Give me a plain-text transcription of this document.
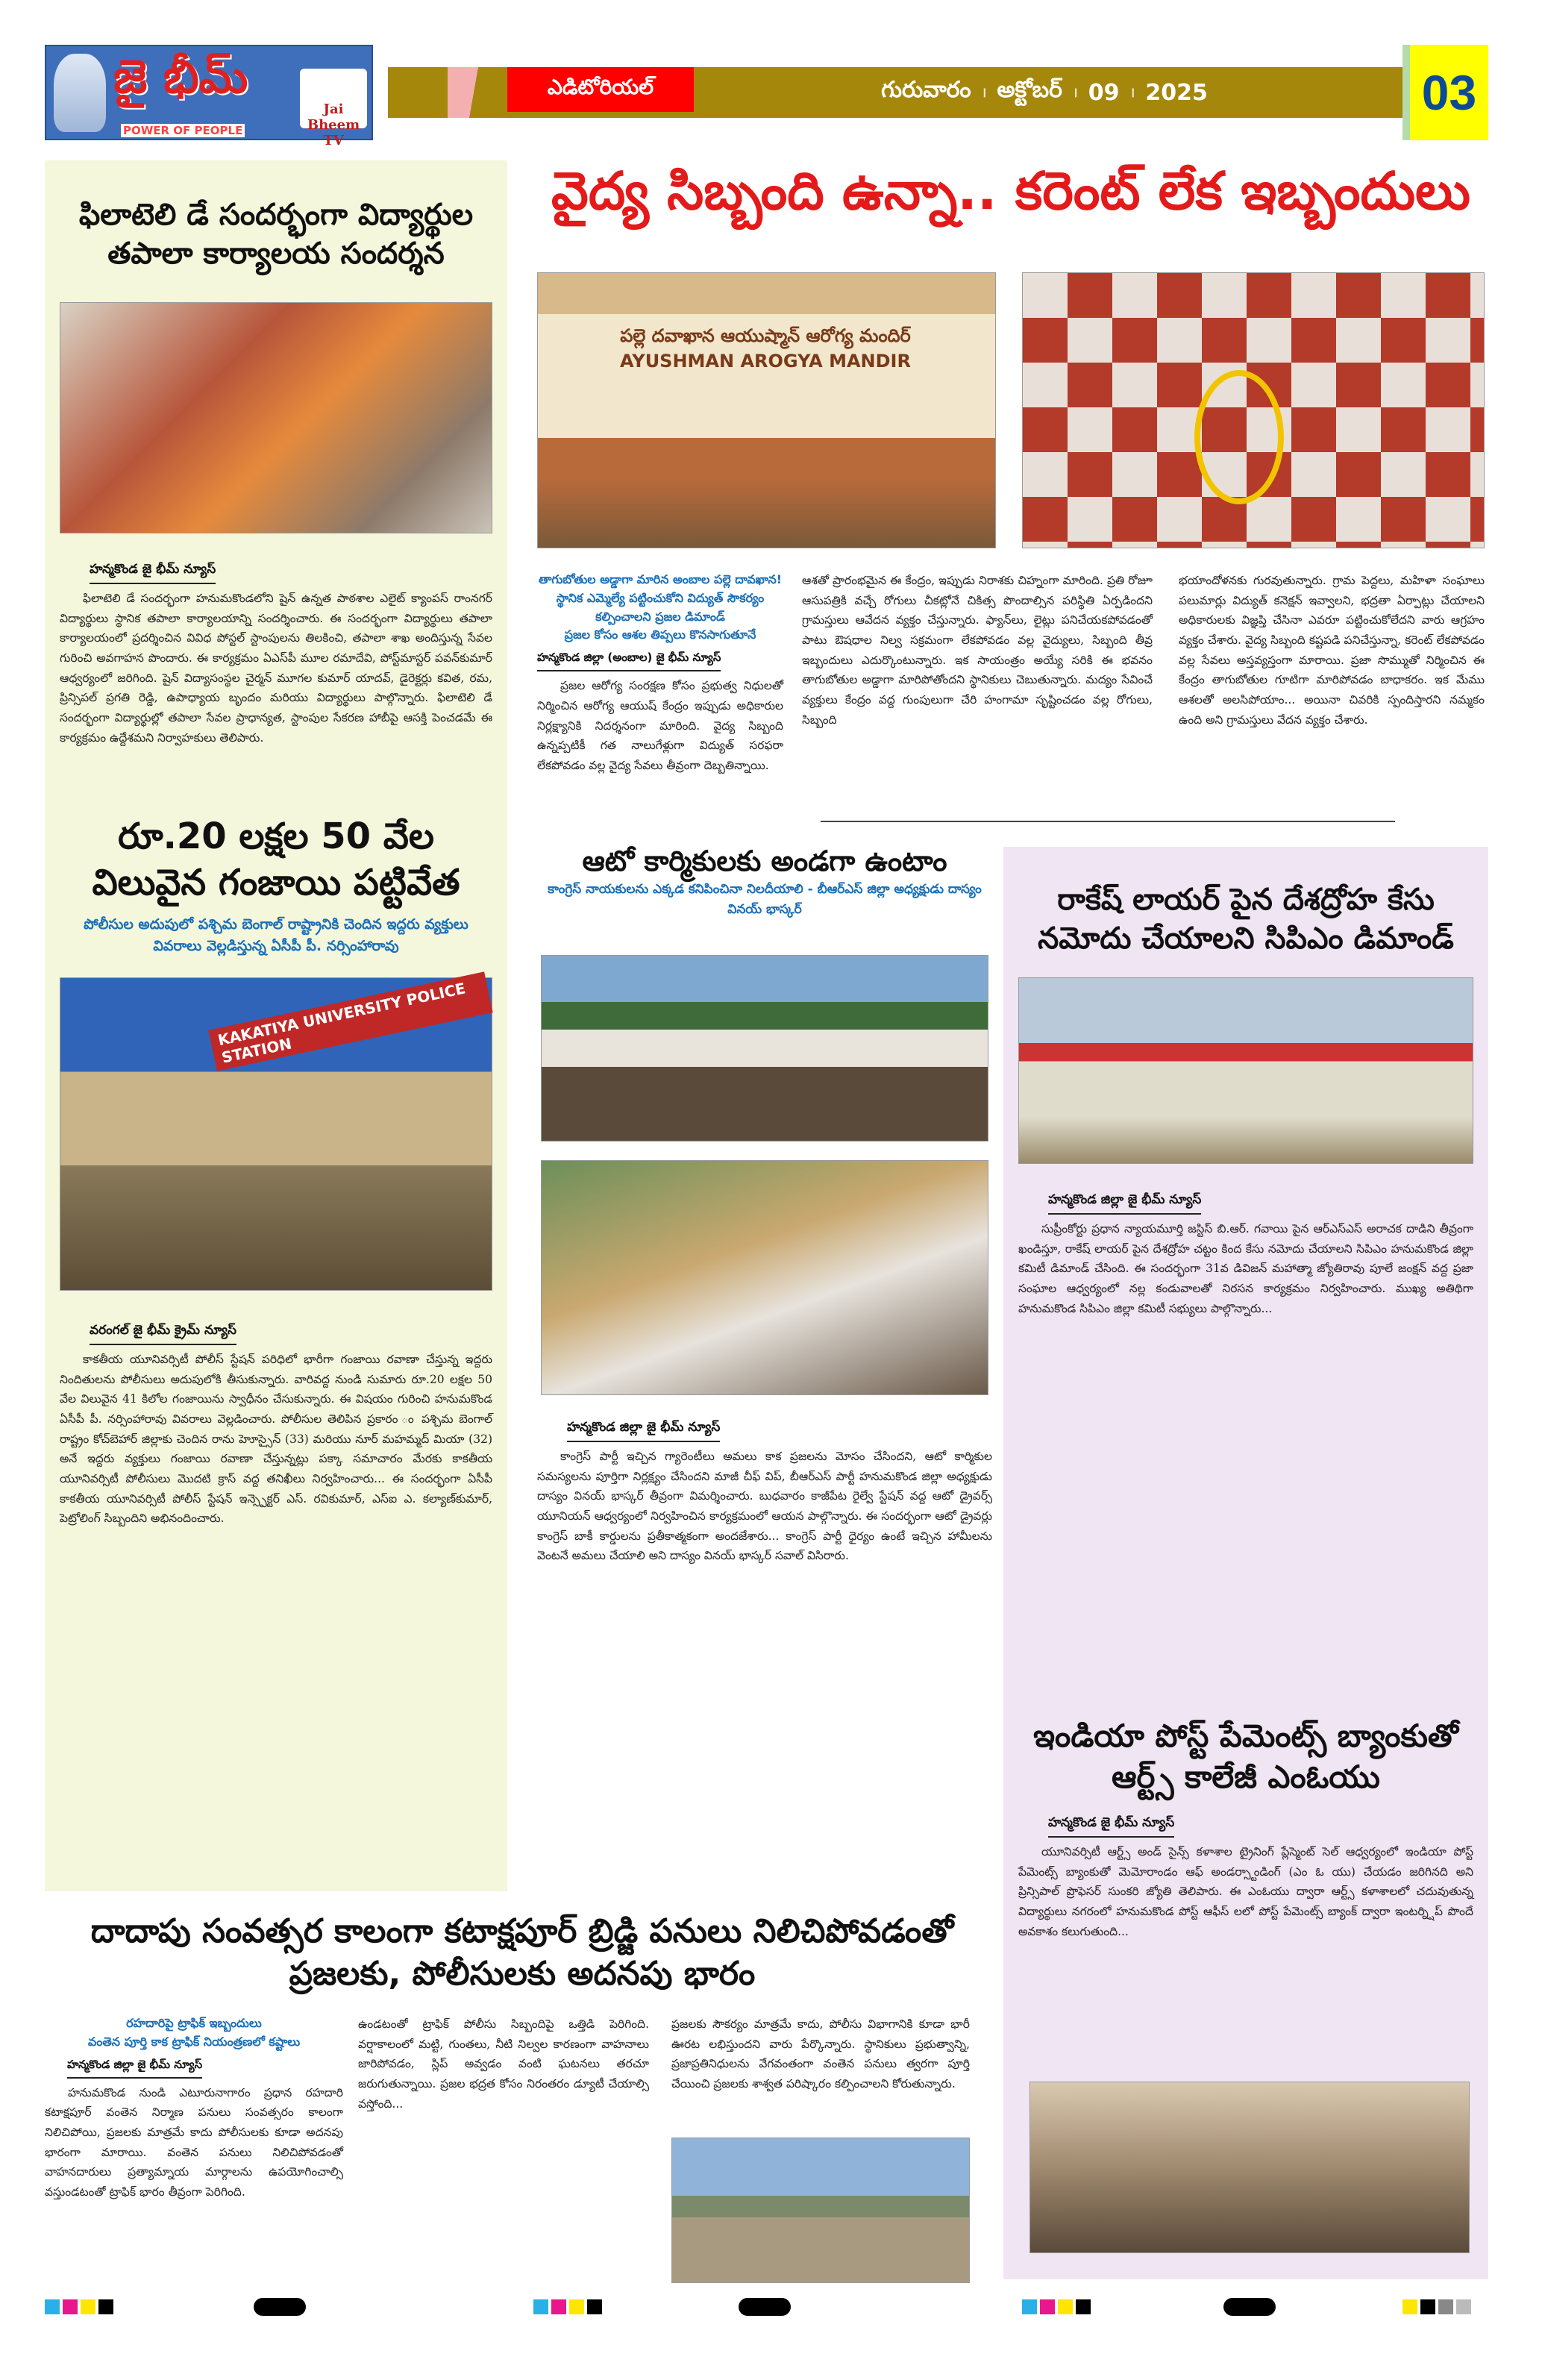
జై భీమ్
POWER OF PEOPLE
Jai Bheem TV
ఎడిటోరియల్	గురువారం । అక్టోబర్ । 09 । 2025	03
ఫిలాటెలి డే సందర్భంగా విద్యార్థుల తపాలా కార్యాలయ సందర్శన
హన్మకొండ జై భీమ్ న్యూస్
ఫిలాటెలి డే సందర్భంగా హనుమకొండలోని షైన్ ఉన్నత పాఠశాల ఎలైట్ క్యాంపస్ రాంనగర్ విద్యార్థులు స్థానిక తపాలా కార్యాలయాన్ని సందర్శించారు. ఈ సందర్భంగా విద్యార్థులు తపాలా కార్యాలయంలో ప్రదర్శించిన వివిధ పోస్టల్ స్టాంపులను తిలకించి, తపాలా శాఖ అందిస్తున్న సేవల గురించి అవగాహన పొందారు. ఈ కార్యక్రమం ఏఎస్‌పీ మూల రమాదేవి, పోస్ట్‌మాస్టర్ పవన్‌కుమార్ ఆధ్వర్యంలో జరిగింది. షైన్ విద్యాసంస్థల చైర్మన్ మూగల కుమార్ యాదవ్, డైరెక్టర్లు కవిత, రమ, ప్రిన్సిపల్ ప్రగతి రెడ్డి, ఉపాధ్యాయ బృందం మరియు విద్యార్థులు పాల్గొన్నారు. ఫిలాటెలి డే సందర్భంగా విద్యార్థుల్లో తపాలా సేవల ప్రాధాన్యత, స్టాంపుల సేకరణ హాబీపై ఆసక్తి పెంచడమే ఈ కార్యక్రమం ఉద్దేశమని నిర్వాహకులు తెలిపారు.
రూ.20 లక్షల 50 వేల విలువైన గంజాయి పట్టివేత
పోలీసుల అదుపులో పశ్చిమ బెంగాల్ రాష్ట్రానికి చెందిన ఇద్దరు వ్యక్తులు వివరాలు వెల్లడిస్తున్న ఏసీపీ పీ. నర్సింహారావు
KAKATIYA UNIVERSITY POLICE STATION
వరంగల్ జై భీమ్ క్రైమ్ న్యూస్
కాకతీయ యూనివర్సిటీ పోలీస్ స్టేషన్ పరిధిలో భారీగా గంజాయి రవాణా చేస్తున్న ఇద్దరు నిందితులను పోలీసులు అదుపులోకి తీసుకున్నారు. వారివద్ద నుండి సుమారు రూ.20 లక్షల 50 వేల విలువైన 41 కిలోల గంజాయిను స్వాధీనం చేసుకున్నారు. ఈ విషయం గురించి హనుమకొండ ఏసీపీ పీ. నర్సింహారావు వివరాలు వెల్లడించారు. పోలీసుల తెలిపిన ప్రకారం ం పశ్చిమ బెంగాల్ రాష్ట్రం కోచ్‌బెహార్ జిల్లాకు చెందిన రాను హెూస్సైన్ (33) మరియు నూర్ మహమ్మద్ మియా (32) అనే ఇద్దరు వ్యక్తులు గంజాయి రవాణా చేస్తున్నట్లు పక్కా సమాచారం మేరకు కాకతీయ యూనివర్సిటీ పోలీసులు మెుదటి క్రాస్ వద్ద తనిఖీలు నిర్వహించారు... ఈ సందర్భంగా ఏసీపీ కాకతీయ యూనివర్సిటీ పోలీస్ స్టేషన్ ఇన్స్పెక్టర్ ఎస్. రవికుమార్, ఎస్ఐ ఎ. కల్యాణ్‌కుమార్, పెట్రోలింగ్ సిబ్బందిని అభినందించారు.
వైద్య సిబ్బంది ఉన్నా.. కరెంట్ లేక ఇబ్బందులు
పల్లె దవాఖాన ఆయుష్మాన్ ఆరోగ్య మందిర్ AYUSHMAN AROGYA MANDIR
తాగుబోతుల అడ్డాగా మారిన అంబాల పల్లె దావఖాన!
స్థానిక ఎమ్మెల్యే పట్టించుకోని విద్యుత్ సౌకర్యం కల్పించాలని ప్రజల డిమాండ్
ప్రజల కోసం ఆశల తిప్పలు కొనసాగుతూనే
హన్మకొండ జిల్లా (అంబాల) జై భీమ్ న్యూస్
ప్రజల ఆరోగ్య సంరక్షణ కోసం ప్రభుత్వ నిధులతో నిర్మించిన ఆరోగ్య ఆయుష్ కేంద్రం ఇప్పుడు అధికారుల నిర్లక్ష్యానికి నిదర్శనంగా మారింది. వైద్య సిబ్బంది ఉన్నప్పటికీ గత నాలుగేళ్లుగా విద్యుత్ సరఫరా లేకపోవడం వల్ల వైద్య సేవలు తీవ్రంగా దెబ్బతిన్నాయి.
ఆశతో ప్రారంభమైన ఈ కేంద్రం, ఇప్పుడు నిరాశకు చిహ్నంగా మారింది. ప్రతి రోజూ ఆసుపత్రికి వచ్చే రోగులు చీకట్లోనే చికిత్స పొందాల్సిన పరిస్థితి ఏర్పడిందని గ్రామస్తులు ఆవేదన వ్యక్తం చేస్తున్నారు. ఫ్యాన్‌లు, లైట్లు పనిచేయకపోవడంతో పాటు ఔషధాల నిల్వ సక్రమంగా లేకపోవడం వల్ల వైద్యులు, సిబ్బంది తీవ్ర ఇబ్బందులు ఎదుర్కొంటున్నారు. ఇక సాయంత్రం అయ్యే సరికి ఈ భవనం తాగుబోతుల అడ్డాగా మారిపోతోందని స్థానికులు చెబుతున్నారు. మద్యం సేవించే వ్యక్తులు కేంద్రం వద్ద గుంపులుగా చేరి హంగామా సృష్టించడం వల్ల రోగులు, సిబ్బంది
భయాందోళనకు గురవుతున్నారు. గ్రామ పెద్దలు, మహిళా సంఘాలు పలుమార్లు విద్యుత్ కనెక్షన్ ఇవ్వాలని, భద్రతా ఏర్పాట్లు చేయాలని అధికారులకు విజ్ఞప్తి చేసినా ఎవరూ పట్టించుకోలేదని వారు ఆగ్రహం వ్యక్తం చేశారు. వైద్య సిబ్బంది కష్టపడి పనిచేస్తున్నా, కరెంట్ లేకపోవడం వల్ల సేవలు అస్తవ్యస్తంగా మారాయి. ప్రజా సొమ్ముతో నిర్మించిన ఈ కేంద్రం తాగుబోతుల గూటిగా మారిపోవడం బాధాకరం. ఇక మేము ఆశలతో అలసిపోయాం... అయినా చివరికి స్పందిస్తారని నమ్మకం ఉంది అని గ్రామస్తులు వేదన వ్యక్తం చేశారు.
ఆటో కార్మికులకు అండగా ఉంటాం
కాంగ్రెస్ నాయకులను ఎక్కడ కనిపించినా నిలదీయాలి - బీఆర్ఎస్ జిల్లా అధ్యక్షుడు దాస్యం వినయ్ భాస్కర్
హన్మకొండ జిల్లా జై భీమ్ న్యూస్
కాంగ్రెస్ పార్టీ ఇచ్చిన గ్యారెంటీలు అమలు కాక ప్రజలను మోసం చేసిందని, ఆటో కార్మికుల సమస్యలను పూర్తిగా నిర్లక్ష్యం చేసిందని మాజీ చీఫ్ విప్, బీఆర్ఎస్ పార్టీ హనుమకొండ జిల్లా అధ్యక్షుడు దాస్యం వినయ్ భాస్కర్ తీవ్రంగా విమర్శించారు. బుధవారం కాజీపేట రైల్వే స్టేషన్ వద్ద ఆటో డ్రైవర్స్ యూనియన్ ఆధ్వర్యంలో నిర్వహించిన కార్యక్రమంలో ఆయన పాల్గొన్నారు. ఈ సందర్భంగా ఆటో డ్రైవర్లు కాంగ్రెస్ బాకీ కార్డులను ప్రతీకాత్మకంగా అందజేశారు... కాంగ్రెస్ పార్టీ ధైర్యం ఉంటే ఇచ్చిన హామీలను వెంటనే అమలు చేయాలి అని దాస్యం వినయ్ భాస్కర్ సవాల్ విసిరారు.
రాకేష్ లాయర్ పైన దేశద్రోహ కేసు నమోదు చేయాలని సిపిఎం డిమాండ్
హన్మకొండ జిల్లా జై భీమ్ న్యూస్
సుప్రీంకోర్టు ప్రధాన న్యాయమూర్తి జస్టిస్ బి.ఆర్. గవాయి పైన ఆర్ఎస్ఎస్ అరాచక దాడిని తీవ్రంగా ఖండిస్తూ, రాకేష్ లాయర్ పైన దేశద్రోహ చట్టం కింద కేసు నమోదు చేయాలని సిపిఎం హనుమకొండ జిల్లా కమిటీ డిమాండ్ చేసింది. ఈ సందర్భంగా 31వ డివిజన్ మహాత్మా జ్యోతిరావు పూలే జంక్షన్ వద్ద ప్రజా సంఘాల ఆధ్వర్యంలో నల్ల కండువాలతో నిరసన కార్యక్రమం నిర్వహించారు. ముఖ్య అతిథిగా హనుమకొండ సిపిఎం జిల్లా కమిటీ సభ్యులు పాల్గొన్నారు...
ఇండియా పోస్ట్ పేమెంట్స్ బ్యాంకుతో ఆర్ట్స్ కాలేజీ ఎంఓయు
హన్మకొండ జై భీమ్ న్యూస్
యూనివర్సిటీ ఆర్ట్స్ అండ్ సైన్స్ కళాశాల ట్రైనింగ్ ప్లేస్మెంట్ సెల్ ఆధ్వర్యంలో ఇండియా పోస్ట్ పేమెంట్స్ బ్యాంకుతో మెమోరాండం ఆఫ్ అండర్స్టాండింగ్ (ఎం ఓ యు) చేయడం జరిగినది అని ప్రిన్సిపాల్ ప్రొఫెసర్ సుంకరి జ్యోతి తెలిపారు. ఈ ఎంఓయు ద్వారా ఆర్ట్స్ కళాశాలలో చదువుతున్న విద్యార్థులు నగరంలో హనుమకొండ పోస్ట్ ఆఫీస్ లలో పోస్ట్ పేమెంట్స్ బ్యాంక్ ద్వారా ఇంటర్న్షిప్ పొందే అవకాశం కలుగుతుంది...
దాదాపు సంవత్సర కాలంగా కటాక్షపూర్ బ్రిడ్జి పనులు నిలిచిపోవడంతో ప్రజలకు, పోలీసులకు అదనపు భారం
రహదారిపై ట్రాఫిక్ ఇబ్బందులు
వంతెన పూర్తి కాక ట్రాఫిక్ నియంత్రణలో కష్టాలు
హన్మకొండ జిల్లా జై భీమ్ న్యూస్
హనుమకొండ నుండి ఎటూరునాగారం ప్రధాన రహదారి కటాక్షపూర్ వంతెన నిర్మాణ పనులు సంవత్సరం కాలంగా నిలిచిపోయి, ప్రజలకు మాత్రమే కాదు పోలీసులకు కూడా అదనపు భారంగా మారాయి. వంతెన పనులు నిలిచిపోవడంతో వాహనదారులు ప్రత్యామ్నాయ మార్గాలను ఉపయోగించాల్సి వస్తుండటంతో ట్రాఫిక్ భారం తీవ్రంగా పెరిగింది.
ఉండటంతో ట్రాఫిక్ పోలీసు సిబ్బందిపై ఒత్తిడి పెరిగింది. వర్షాకాలంలో మట్టి, గుంతలు, నీటి నిల్వల కారణంగా వాహనాలు జారిపోవడం, స్లిప్ అవ్వడం వంటి ఘటనలు తరచూ జరుగుతున్నాయి. ప్రజల భద్రత కోసం నిరంతరం డ్యూటీ చేయాల్సి వస్తోంది...
ప్రజలకు సౌకర్యం మాత్రమే కాదు, పోలీసు విభాగానికి కూడా భారీ ఊరట లభిస్తుందని వారు పేర్కొన్నారు. స్థానికులు ప్రభుత్వాన్ని, ప్రజాప్రతినిధులను వేగవంతంగా వంతెన పనులు త్వరగా పూర్తి చేయించి ప్రజలకు శాశ్వత పరిష్కారం కల్పించాలని కోరుతున్నారు.
